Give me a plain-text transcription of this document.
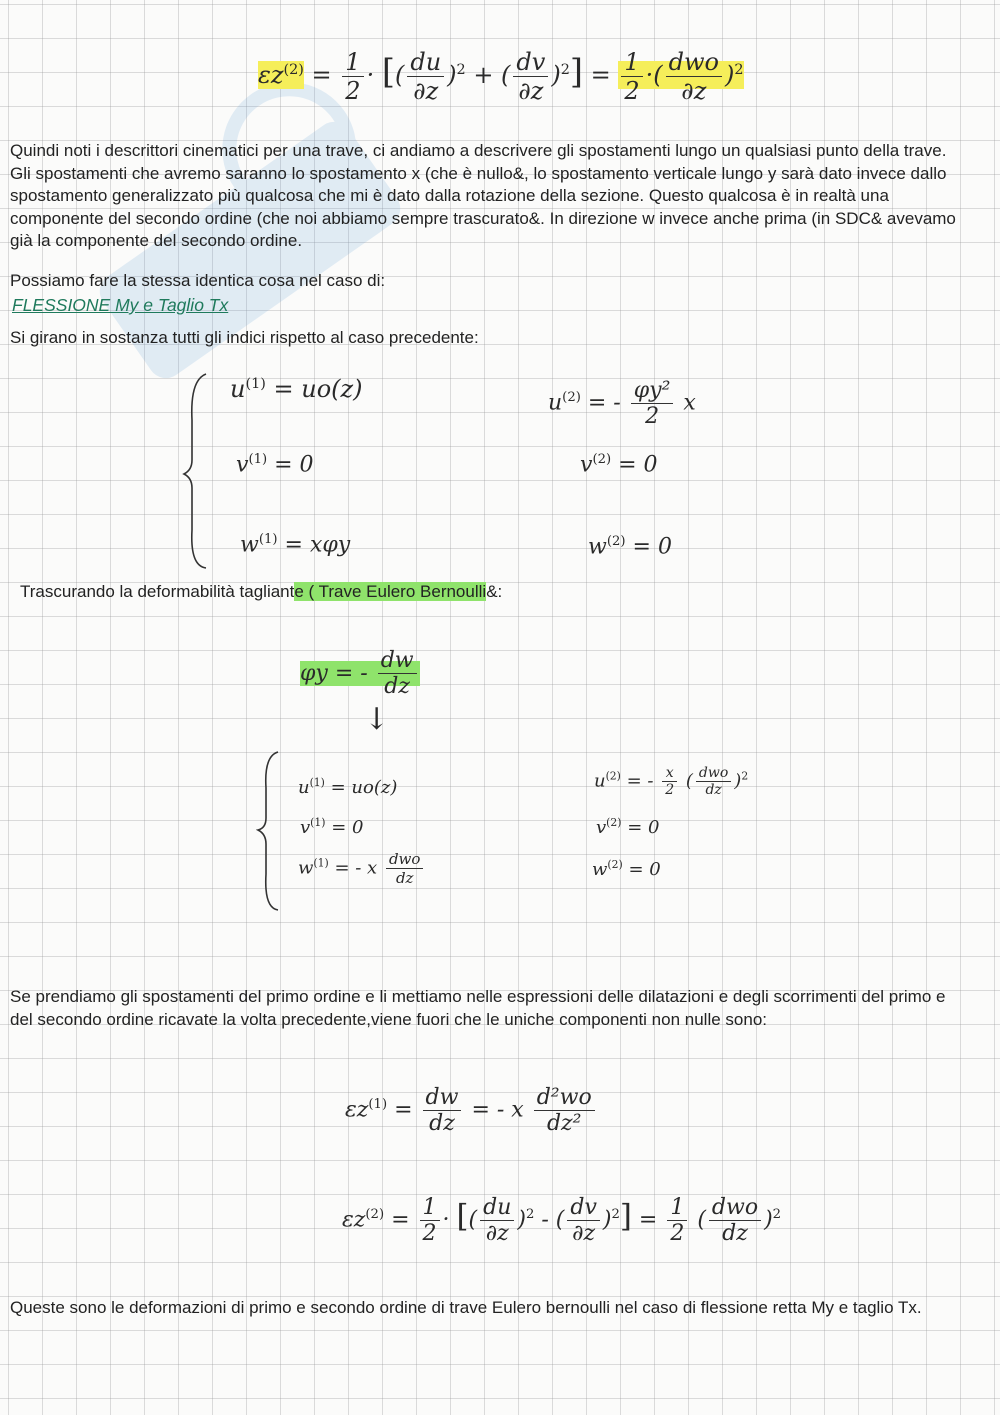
$\varepsilon z^{(2)} = \frac{1}{2}$ · [( $\frac{du}{\partial z} )^2$ + ( $\frac{dv}{\partial z} )^2] = \frac{1}{2}$ ·( $\frac{\text{dwo}}{\partial z} )^2$

Quindi noti i descrittori cinematici per una trave, ci andiamo a descrivere gli spostamenti lungo un qualsiasi punto della trave. Gli spostamenti che avremo saranno lo spostamento x (che è nullo&, lo spostamento verticale lungo y sarà dato invece dallo spostamento generalizzato più qualcosa che mi è dato dalla rotazione della sezione. Questo qualcosa è in realtà una componente del secondo ordine (che noi abbiamo sempre trascurato&. In direzione w invece anche prima (in SDC& avevamo già la componente del secondo ordine.

Possiamo fare la stessa identica cosa nel caso di:

FLESSIONE My e Taglio Tx

Si girano in sostanza tutti gli indici rispetto al caso precedente:

$u^{(1)} = uo(z)$
$v^{(1)} = 0$
$w^{(1)} = x\varphi y$
$u^{(2)}$ = - $\frac{\text{φy²}}{2}$ x
$v^{(2)} = 0$
$w^{(2)} = 0$

Trascurando la deformabilità tagliante ( Trave Eulero Bernoulli&:

φy = - $\frac{dw}{dz}$
↓
$u^{(1)} = uo(z)$
$v^{(1)} = 0$
$w^{(1)}$ = - x $\frac{\text{dwo}}{dz}$
$u^{(2)}$ = - $\frac{x}{2}$ ( $\frac{\text{dwo}}{dz} )^2$
$v^{(2)} = 0$
$w^{(2)} = 0$

Se prendiamo gli spostamenti del primo ordine e li mettiamo nelle espressioni delle dilatazioni e degli scorrimenti del primo e del secondo ordine ricavate la volta precedente,viene fuori che le uniche componenti non nulle sono:

$\varepsilon z^{(1)} = \frac{dw}{dz}$ = - x $\frac{\text{d²wo}}{\text{dz²}}$
$\varepsilon z^{(2)} = \frac{1}{2}$ · [( $\frac{du}{\partial z} )^2$ - ( $\frac{dv}{\partial z} )^2] = \frac{1}{2}$ ( $\frac{\text{dwo}}{dz} )^2$

Queste sono le deformazioni di primo e secondo ordine di trave Eulero bernoulli nel caso di flessione retta My e taglio Tx.
